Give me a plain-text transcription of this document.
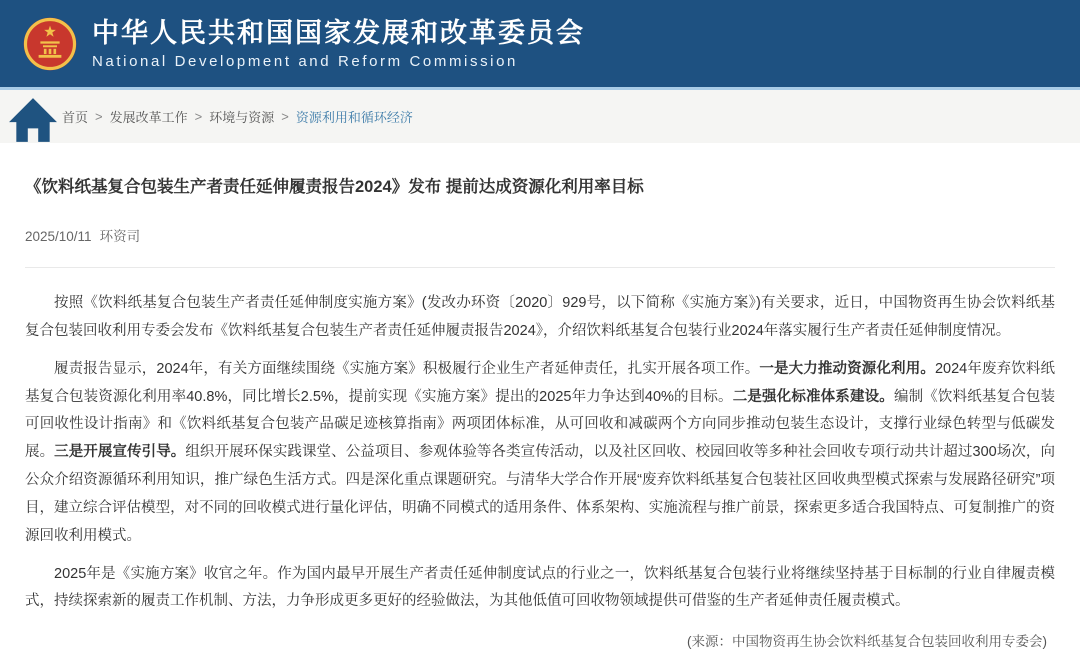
中华人民共和国国家发展和改革委员会
National Development and Reform Commission
首页 > 发展改革工作 > 环境与资源 > 资源利用和循环经济
《饮料纸基复合包装生产者责任延伸履责报告2024》发布 提前达成资源化利用率目标
2025/10/11 环资司

按照《饮料纸基复合包装生产者责任延伸制度实施方案》(发改办环资〔2020〕929号，以下简称《实施方案》)有关要求，近日，中国物资再生协会饮料纸基复合包装回收利用专委会发布《饮料纸基复合包装生产者责任延伸履责报告2024》，介绍饮料纸基复合包装行业2024年落实履行生产者责任延伸制度情况。

履责报告显示，2024年，有关方面继续围绕《实施方案》积极履行企业生产者延伸责任，扎实开展各项工作。一是大力推动资源化利用。2024年废弃饮料纸基复合包装资源化利用率40.8%，同比增长2.5%，提前实现《实施方案》提出的2025年力争达到40%的目标。二是强化标准体系建设。编制《饮料纸基复合包装可回收性设计指南》和《饮料纸基复合包装产品碳足迹核算指南》两项团体标准，从可回收和减碳两个方向同步推动包装生态设计，支撑行业绿色转型与低碳发展。三是开展宣传引导。组织开展环保实践课堂、公益项目、参观体验等各类宣传活动，以及社区回收、校园回收等多种社会回收专项行动共计超过300场次，向公众介绍资源循环利用知识，推广绿色生活方式。四是深化重点课题研究。与清华大学合作开展“废弃饮料纸基复合包装社区回收典型模式探索与发展路径研究”项目，建立综合评估模型，对不同的回收模式进行量化评估，明确不同模式的适用条件、体系架构、实施流程与推广前景，探索更多适合我国特点、可复制推广的资源回收利用模式。

2025年是《实施方案》收官之年。作为国内最早开展生产者责任延伸制度试点的行业之一，饮料纸基复合包装行业将继续坚持基于目标制的行业自律履责模式，持续探索新的履责工作机制、方法，力争形成更多更好的经验做法，为其他低值可回收物领域提供可借鉴的生产者延伸责任履责模式。

(来源：中国物资再生协会饮料纸基复合包装回收利用专委会)
